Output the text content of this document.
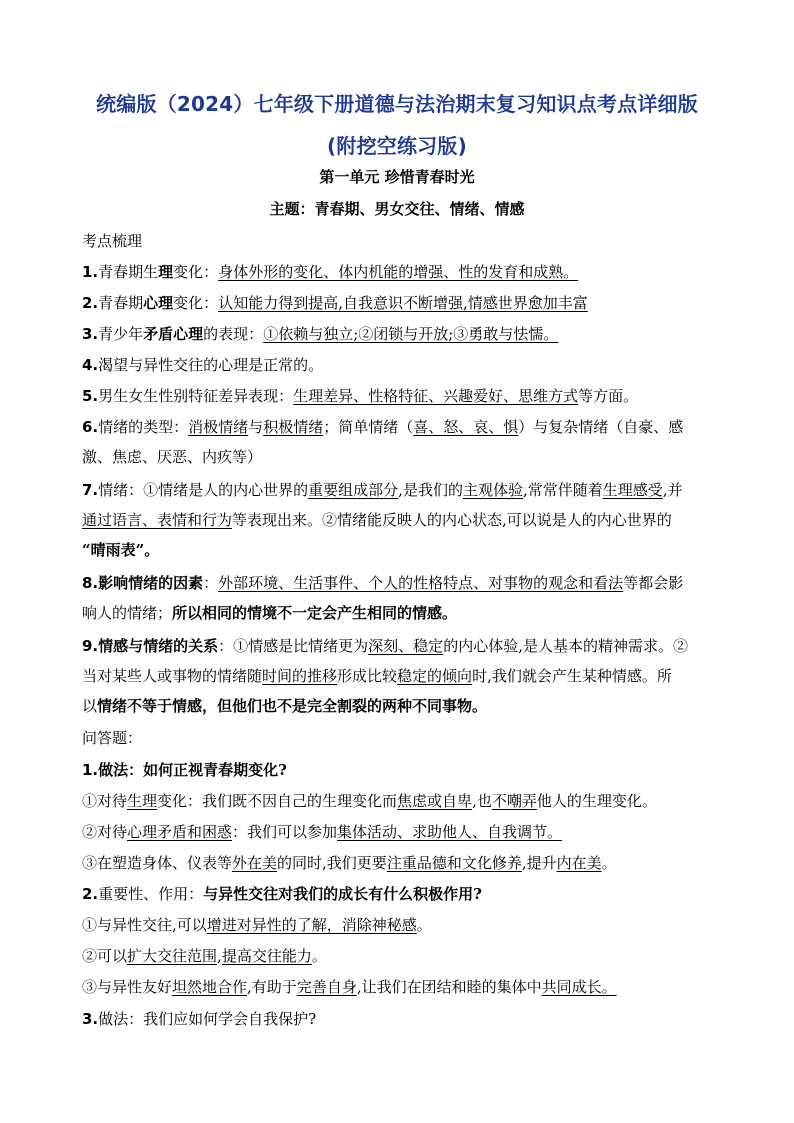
统编版（2024）七年级下册道德与法治期末复习知识点考点详细版
(附挖空练习版)
第一单元 珍惜青春时光
主题：青春期、男女交往、情绪、情感
考点梳理
1.青春期生理变化：身体外形的变化、体内机能的增强、性的发育和成熟。
2.青春期心理变化：认知能力得到提高,自我意识不断增强,情感世界愈加丰富
3.青少年矛盾心理的表现：①依赖与独立;②闭锁与开放;③勇敢与怯懦。
4.渴望与异性交往的心理是正常的。
5.男生女生性别特征差异表现：生理差异、性格特征、兴趣爱好、思维方式等方面。
6.情绪的类型：消极情绪与积极情绪；简单情绪（喜、怒、哀、惧）与复杂情绪（自豪、感
激、焦虑、厌恶、内疚等）
7.情绪：①情绪是人的内心世界的重要组成部分,是我们的主观体验,常常伴随着生理感受,并
通过语言、表情和行为等表现出来。②情绪能反映人的内心状态,可以说是人的内心世界的
“晴雨表”。
8.影响情绪的因素：外部环境、生活事件、个人的性格特点、对事物的观念和看法等都会影
响人的情绪；所以相同的情境不一定会产生相同的情感。
9.情感与情绪的关系：①情感是比情绪更为深刻、稳定的内心体验,是人基本的精神需求。②
当对某些人或事物的情绪随时间的推移形成比较稳定的倾向时,我们就会产生某种情感。所
以情绪不等于情感，但他们也不是完全割裂的两种不同事物。
问答题：
1.做法：如何正视青春期变化?
①对待生理变化：我们既不因自己的生理变化而焦虑或自卑,也不嘲弄他人的生理变化。
②对待心理矛盾和困惑：我们可以参加集体活动、求助他人、自我调节。
③在塑造身体、仪表等外在美的同时,我们更要注重品德和文化修养,提升内在美。
2.重要性、作用：与异性交往对我们的成长有什么积极作用?
①与异性交往,可以增进对异性的了解，消除神秘感。
②可以扩大交往范围,提高交往能力。
③与异性友好坦然地合作,有助于完善自身,让我们在团结和睦的集体中共同成长。
3.做法：我们应如何学会自我保护?
